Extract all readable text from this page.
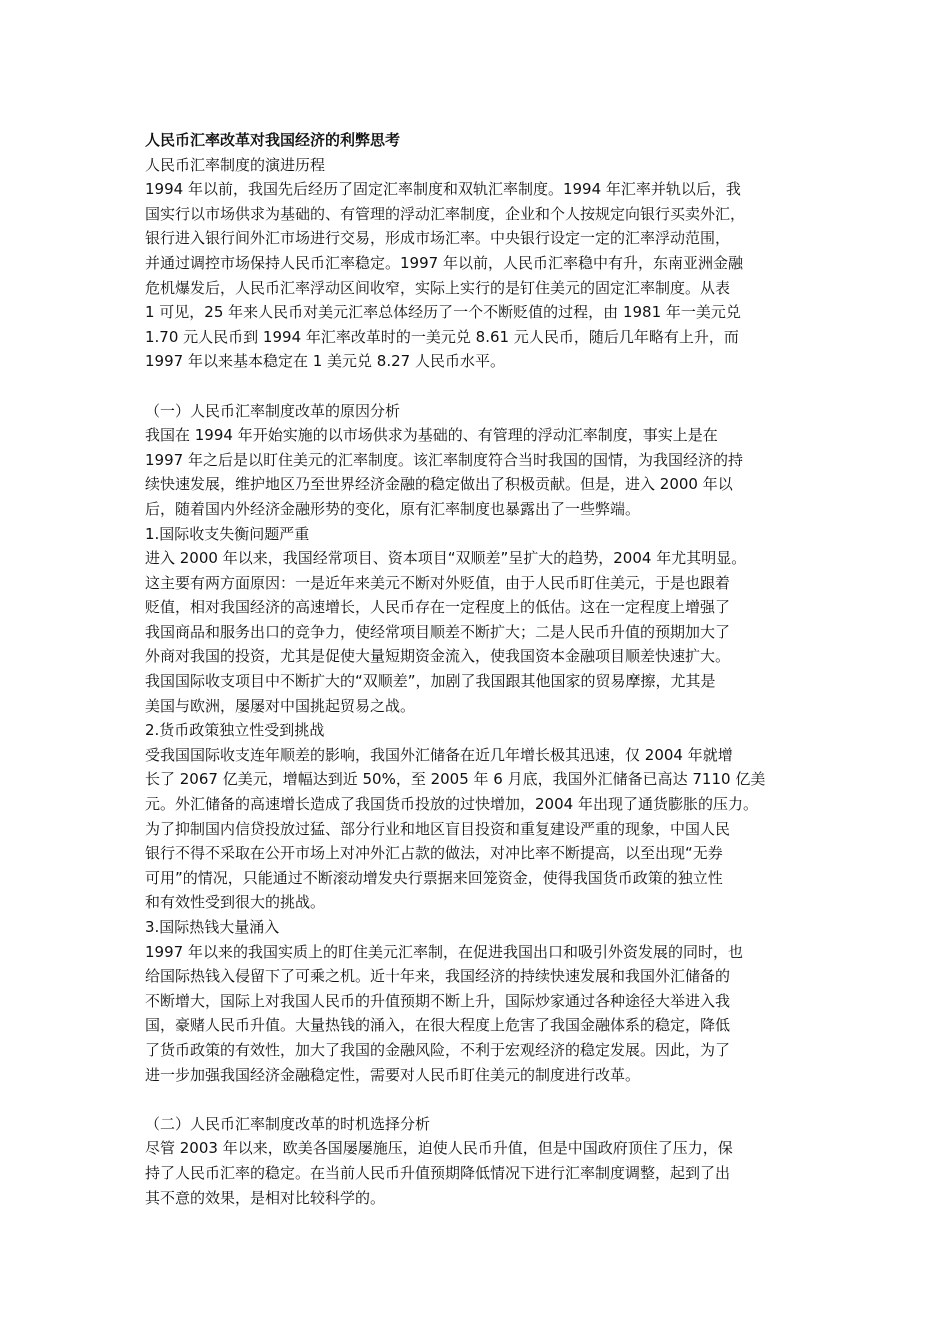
人民币汇率改革对我国经济的利弊思考
人民币汇率制度的演进历程
1994 年以前，我国先后经历了固定汇率制度和双轨汇率制度。1994 年汇率并轨以后，我
国实行以市场供求为基础的、有管理的浮动汇率制度，企业和个人按规定向银行买卖外汇，
银行进入银行间外汇市场进行交易，形成市场汇率。中央银行设定一定的汇率浮动范围，
并通过调控市场保持人民币汇率稳定。1997 年以前，人民币汇率稳中有升，东南亚洲金融
危机爆发后，人民币汇率浮动区间收窄，实际上实行的是钉住美元的固定汇率制度。从表
1 可见，25 年来人民币对美元汇率总体经历了一个不断贬值的过程，由 1981 年一美元兑
1.70 元人民币到 1994 年汇率改革时的一美元兑 8.61 元人民币，随后几年略有上升，而
1997 年以来基本稳定在 1 美元兑 8.27 人民币水平。
（一）人民币汇率制度改革的原因分析
我国在 1994 年开始实施的以市场供求为基础的、有管理的浮动汇率制度，事实上是在
1997 年之后是以盯住美元的汇率制度。该汇率制度符合当时我国的国情，为我国经济的持
续快速发展，维护地区乃至世界经济金融的稳定做出了积极贡献。但是，进入 2000 年以
后，随着国内外经济金融形势的变化，原有汇率制度也暴露出了一些弊端。
1.国际收支失衡问题严重
进入 2000 年以来，我国经常项目、资本项目“双顺差”呈扩大的趋势，2004 年尤其明显。
这主要有两方面原因：一是近年来美元不断对外贬值，由于人民币盯住美元，于是也跟着
贬值，相对我国经济的高速增长，人民币存在一定程度上的低估。这在一定程度上增强了
我国商品和服务出口的竞争力，使经常项目顺差不断扩大；二是人民币升值的预期加大了
外商对我国的投资，尤其是促使大量短期资金流入，使我国资本金融项目顺差快速扩大。
我国国际收支项目中不断扩大的“双顺差”，加剧了我国跟其他国家的贸易摩擦，尤其是
美国与欧洲，屡屡对中国挑起贸易之战。
2.货币政策独立性受到挑战
受我国国际收支连年顺差的影响，我国外汇储备在近几年增长极其迅速，仅 2004 年就增
长了 2067 亿美元，增幅达到近 50%，至 2005 年 6 月底，我国外汇储备已高达 7110 亿美
元。外汇储备的高速增长造成了我国货币投放的过快增加，2004 年出现了通货膨胀的压力。
为了抑制国内信贷投放过猛、部分行业和地区盲目投资和重复建设严重的现象，中国人民
银行不得不采取在公开市场上对冲外汇占款的做法，对冲比率不断提高，以至出现“无券
可用”的情况，只能通过不断滚动增发央行票据来回笼资金，使得我国货币政策的独立性
和有效性受到很大的挑战。
3.国际热钱大量涌入
1997 年以来的我国实质上的盯住美元汇率制，在促进我国出口和吸引外资发展的同时，也
给国际热钱入侵留下了可乘之机。近十年来，我国经济的持续快速发展和我国外汇储备的
不断增大，国际上对我国人民币的升值预期不断上升，国际炒家通过各种途径大举进入我
国，豪赌人民币升值。大量热钱的涌入，在很大程度上危害了我国金融体系的稳定，降低
了货币政策的有效性，加大了我国的金融风险，不利于宏观经济的稳定发展。因此，为了
进一步加强我国经济金融稳定性，需要对人民币盯住美元的制度进行改革。
（二）人民币汇率制度改革的时机选择分析
尽管 2003 年以来，欧美各国屡屡施压，迫使人民币升值，但是中国政府顶住了压力，保
持了人民币汇率的稳定。在当前人民币升值预期降低情况下进行汇率制度调整，起到了出
其不意的效果，是相对比较科学的。
